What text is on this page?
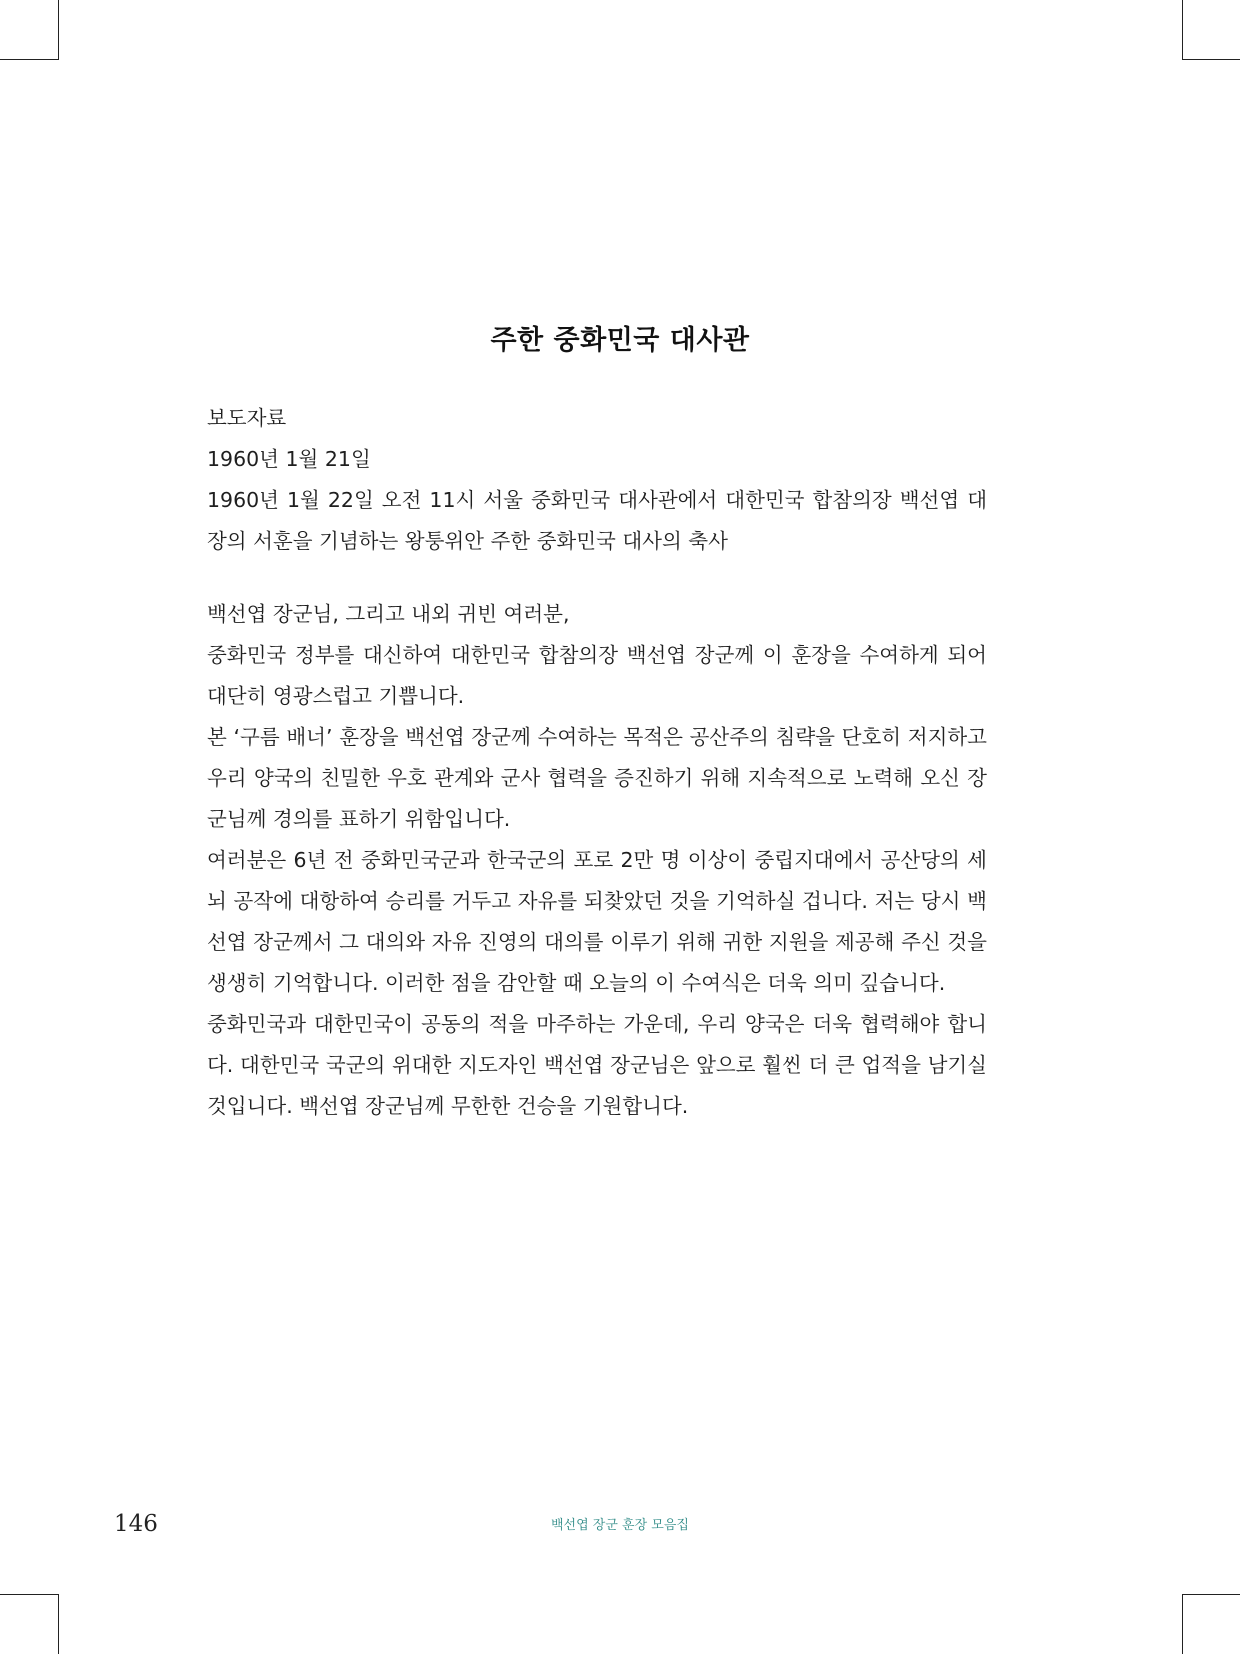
주한 중화민국 대사관

보도자료

1960년 1월 21일

1960년 1월 22일 오전 11시 서울 중화민국 대사관에서 대한민국 합참의장 백선엽 대장의 서훈을 기념하는 왕퉁위안 주한 중화민국 대사의 축사

백선엽 장군님, 그리고 내외 귀빈 여러분,

중화민국 정부를 대신하여 대한민국 합참의장 백선엽 장군께 이 훈장을 수여하게 되어 대단히 영광스럽고 기쁩니다.

본 ‘구름 배너’ 훈장을 백선엽 장군께 수여하는 목적은 공산주의 침략을 단호히 저지하고 우리 양국의 친밀한 우호 관계와 군사 협력을 증진하기 위해 지속적으로 노력해 오신 장군님께 경의를 표하기 위함입니다.

여러분은 6년 전 중화민국군과 한국군의 포로 2만 명 이상이 중립지대에서 공산당의 세뇌 공작에 대항하여 승리를 거두고 자유를 되찾았던 것을 기억하실 겁니다. 저는 당시 백선엽 장군께서 그 대의와 자유 진영의 대의를 이루기 위해 귀한 지원을 제공해 주신 것을 생생히 기억합니다. 이러한 점을 감안할 때 오늘의 이 수여식은 더욱 의미 깊습니다.

중화민국과 대한민국이 공동의 적을 마주하는 가운데, 우리 양국은 더욱 협력해야 합니다. 대한민국 국군의 위대한 지도자인 백선엽 장군님은 앞으로 훨씬 더 큰 업적을 남기실 것입니다. 백선엽 장군님께 무한한 건승을 기원합니다.

146	백선엽 장군 훈장 모음집
